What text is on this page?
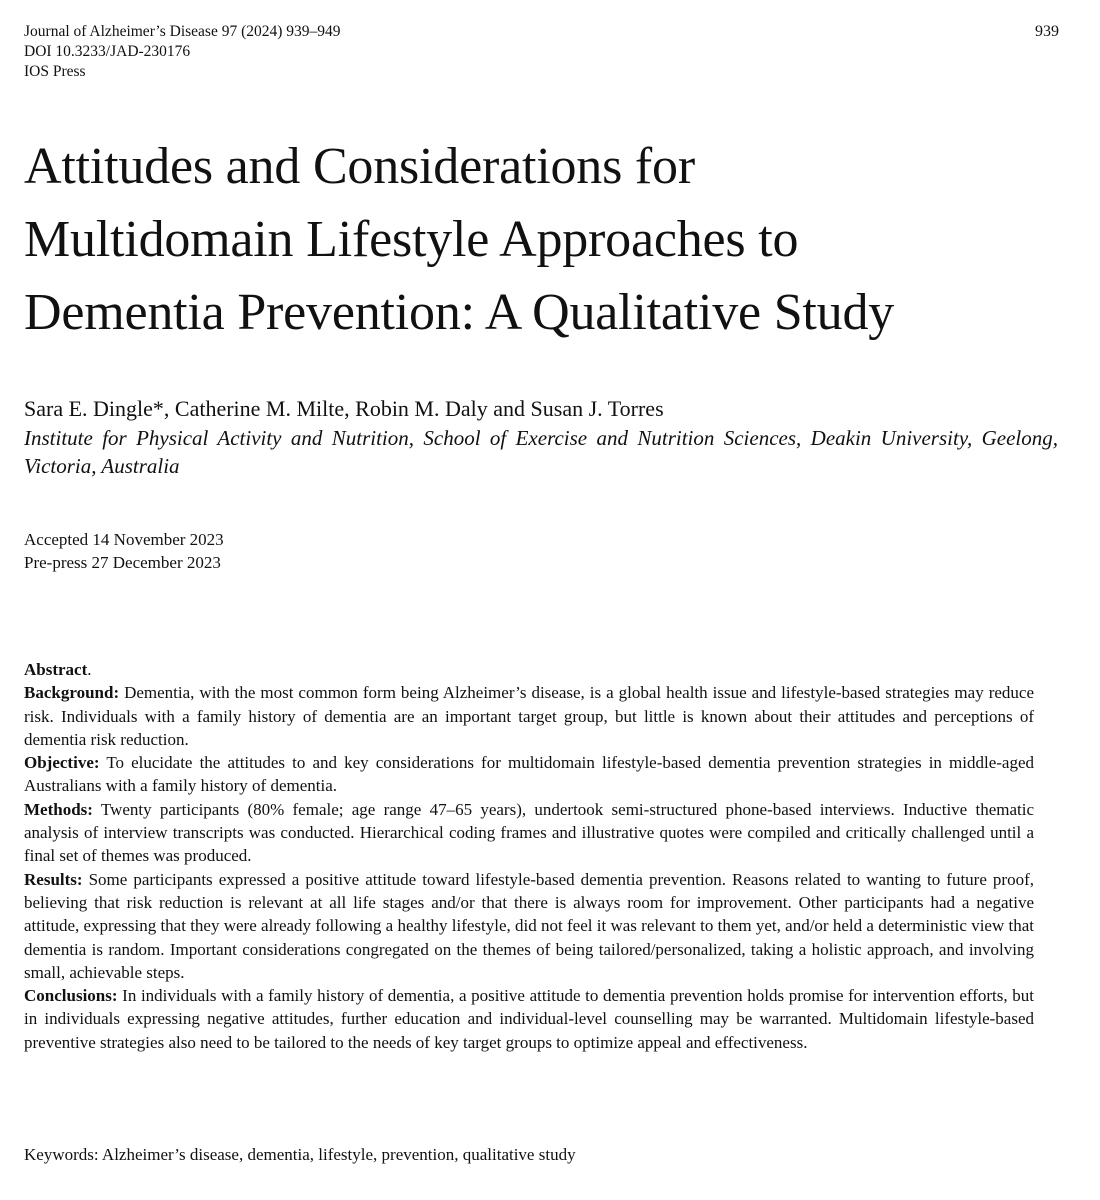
Journal of Alzheimer’s Disease 97 (2024) 939–949
DOI 10.3233/JAD-230176
IOS Press
939
Attitudes and Considerations for
Multidomain Lifestyle Approaches to
Dementia Prevention: A Qualitative Study
Sara E. Dingle*, Catherine M. Milte, Robin M. Daly and Susan J. Torres
Institute for Physical Activity and Nutrition, School of Exercise and Nutrition Sciences, Deakin University, Geelong, Victoria, Australia
Accepted 14 November 2023
Pre-press 27 December 2023
Abstract.

Background: Dementia, with the most common form being Alzheimer’s disease, is a global health issue and lifestyle-based strategies may reduce risk. Individuals with a family history of dementia are an important target group, but little is known about their attitudes and perceptions of dementia risk reduction.

Objective: To elucidate the attitudes to and key considerations for multidomain lifestyle-based dementia prevention strategies in middle-aged Australians with a family history of dementia.

Methods: Twenty participants (80% female; age range 47–65 years), undertook semi-structured phone-based interviews. Inductive thematic analysis of interview transcripts was conducted. Hierarchical coding frames and illustrative quotes were compiled and critically challenged until a final set of themes was produced.

Results: Some participants expressed a positive attitude toward lifestyle-based dementia prevention. Reasons related to wanting to future proof, believing that risk reduction is relevant at all life stages and/or that there is always room for improvement. Other participants had a negative attitude, expressing that they were already following a healthy lifestyle, did not feel it was relevant to them yet, and/or held a deterministic view that dementia is random. Important considerations congregated on the themes of being tailored/personalized, taking a holistic approach, and involving small, achievable steps.

Conclusions: In individuals with a family history of dementia, a positive attitude to dementia prevention holds promise for intervention efforts, but in individuals expressing negative attitudes, further education and individual-level counselling may be warranted. Multidomain lifestyle-based preventive strategies also need to be tailored to the needs of key target groups to optimize appeal and effectiveness.

Keywords: Alzheimer’s disease, dementia, lifestyle, prevention, qualitative study
